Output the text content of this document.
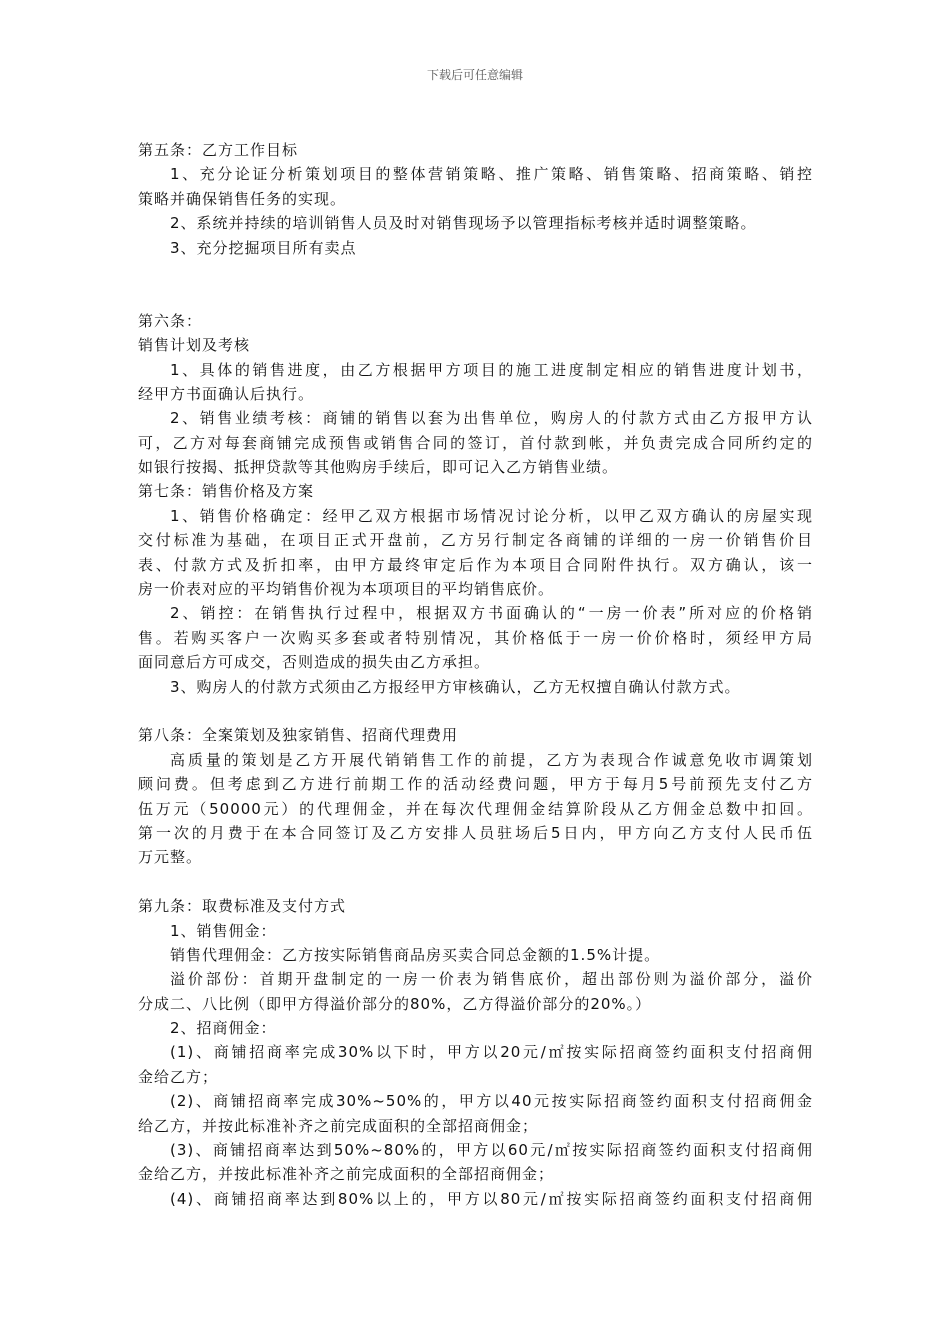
下载后可任意编辑
第五条：乙方工作目标
1、充分论证分析策划项目的整体营销策略、推广策略、销售策略、招商策略、销控
策略并确保销售任务的实现。
2、系统并持续的培训销售人员及时对销售现场予以管理指标考核并适时调整策略。
3、充分挖掘项目所有卖点
第六条：
销售计划及考核
1、具体的销售进度，由乙方根据甲方项目的施工进度制定相应的销售进度计划书，
经甲方书面确认后执行。
2、销售业绩考核：商铺的销售以套为出售单位，购房人的付款方式由乙方报甲方认
可，乙方对每套商铺完成预售或销售合同的签订，首付款到帐，并负责完成合同所约定的
如银行按揭、抵押贷款等其他购房手续后，即可记入乙方销售业绩。
第七条：销售价格及方案
1、销售价格确定：经甲乙双方根据市场情况讨论分析，以甲乙双方确认的房屋实现
交付标准为基础，在项目正式开盘前，乙方另行制定各商铺的详细的一房一价销售价目
表、付款方式及折扣率，由甲方最终审定后作为本项目合同附件执行。双方确认，该一
房一价表对应的平均销售价视为本项项目的平均销售底价。
2、销控：在销售执行过程中，根据双方书面确认的“一房一价表”所对应的价格销
售。若购买客户一次购买多套或者特别情况，其价格低于一房一价价格时，须经甲方局
面同意后方可成交，否则造成的损失由乙方承担。
3、购房人的付款方式须由乙方报经甲方审核确认，乙方无权擅自确认付款方式。
第八条：全案策划及独家销售、招商代理费用
高质量的策划是乙方开展代销销售工作的前提，乙方为表现合作诚意免收市调策划
顾问费。但考虑到乙方进行前期工作的活动经费问题，甲方于每月5号前预先支付乙方
伍万元（50000元）的代理佣金，并在每次代理佣金结算阶段从乙方佣金总数中扣回。
第一次的月费于在本合同签订及乙方安排人员驻场后5日内，甲方向乙方支付人民币伍
万元整。
第九条：取费标准及支付方式
1、销售佣金：
销售代理佣金：乙方按实际销售商品房买卖合同总金额的1.5%计提。
溢价部份：首期开盘制定的一房一价表为销售底价，超出部份则为溢价部分，溢价
分成二、八比例（即甲方得溢价部分的80%，乙方得溢价部分的20%。）
2、招商佣金：
(1)、商铺招商率完成30%以下时，甲方以20元/㎡按实际招商签约面积支付招商佣
金给乙方；
(2)、商铺招商率完成30%~50%的，甲方以40元按实际招商签约面积支付招商佣金
给乙方，并按此标准补齐之前完成面积的全部招商佣金；
(3)、商铺招商率达到50%~80%的，甲方以60元/㎡按实际招商签约面积支付招商佣
金给乙方，并按此标准补齐之前完成面积的全部招商佣金；
(4)、商铺招商率达到80%以上的，甲方以80元/㎡按实际招商签约面积支付招商佣
